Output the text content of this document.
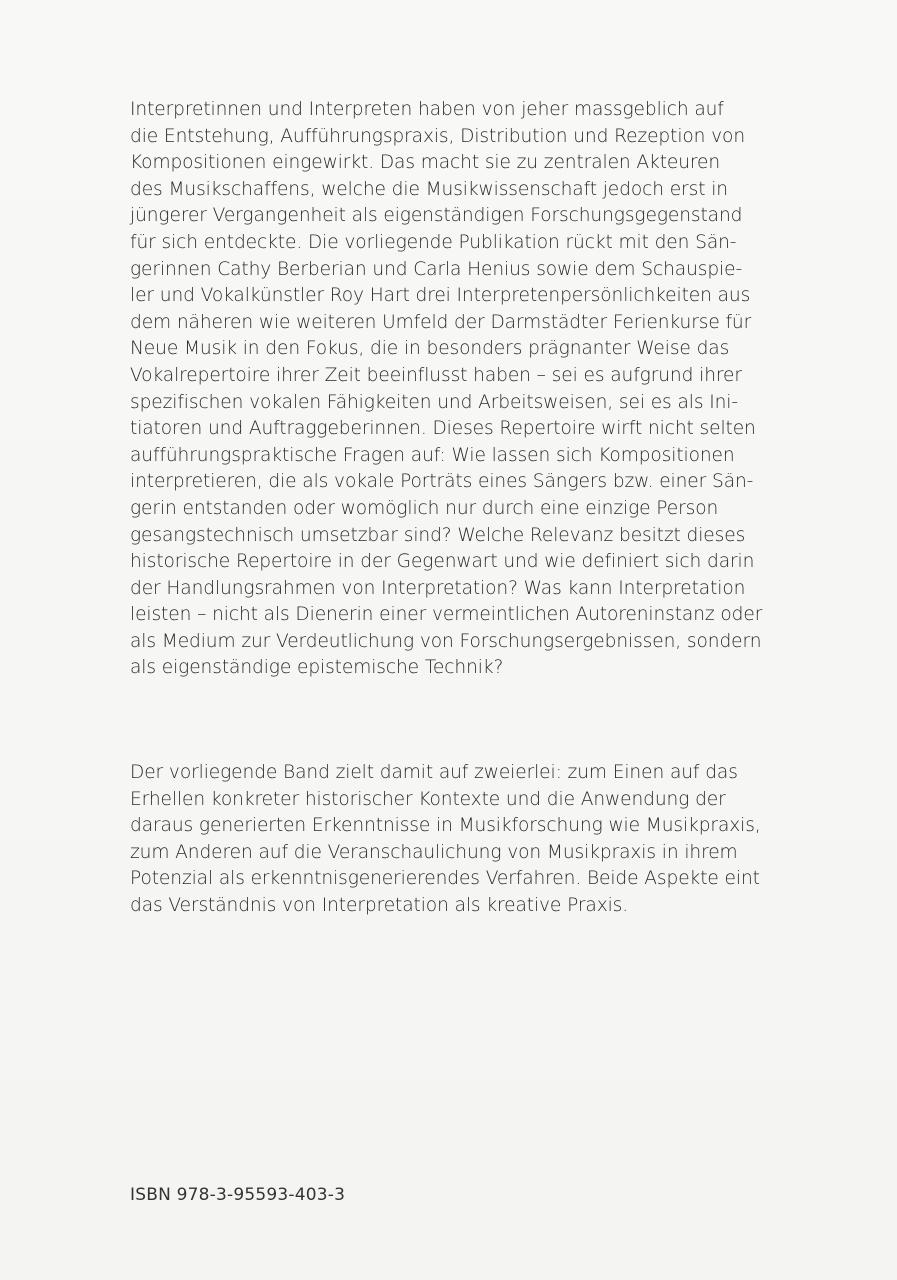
Interpretinnen und Interpreten haben von jeher massgeblich auf
die Entstehung, Aufführungspraxis, Distribution und Rezeption von
Kompositionen eingewirkt. Das macht sie zu zentralen Akteuren
des Musikschaffens, welche die Musikwissenschaft jedoch erst in
jüngerer Vergangenheit als eigenständigen Forschungsgegenstand
für sich entdeckte. Die vorliegende Publikation rückt mit den Sän-
gerinnen Cathy Berberian und Carla Henius sowie dem Schauspie-
ler und Vokalkünstler Roy Hart drei Interpretenpersönlichkeiten aus
dem näheren wie weiteren Umfeld der Darmstädter Ferienkurse für
Neue Musik in den Fokus, die in besonders prägnanter Weise das
Vokalrepertoire ihrer Zeit beeinflusst haben – sei es aufgrund ihrer
spezifischen vokalen Fähigkeiten und Arbeitsweisen, sei es als Ini-
tiatoren und Auftraggeberinnen. Dieses Repertoire wirft nicht selten
aufführungspraktische Fragen auf: Wie lassen sich Kompositionen
interpretieren, die als vokale Porträts eines Sängers bzw. einer Sän-
gerin entstanden oder womöglich nur durch eine einzige Person
gesangstechnisch umsetzbar sind? Welche Relevanz besitzt dieses
historische Repertoire in der Gegenwart und wie definiert sich darin
der Handlungsrahmen von Interpretation? Was kann Interpretation
leisten – nicht als Dienerin einer vermeintlichen Autoreninstanz oder
als Medium zur Verdeutlichung von Forschungsergebnissen, sondern
als eigenständige epistemische Technik?
Der vorliegende Band zielt damit auf zweierlei: zum Einen auf das
Erhellen konkreter historischer Kontexte und die Anwendung der
daraus generierten Erkenntnisse in Musikforschung wie Musikpraxis,
zum Anderen auf die Veranschaulichung von Musikpraxis in ihrem
Potenzial als erkenntnisgenerierendes Verfahren. Beide Aspekte eint
das Verständnis von Interpretation als kreative Praxis.
ISBN 978-3-95593-403-3
